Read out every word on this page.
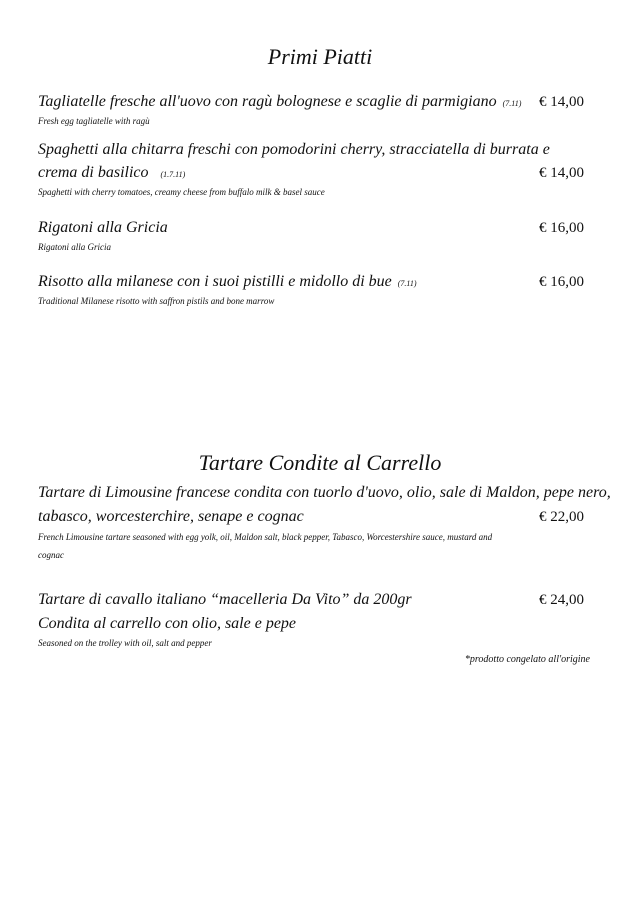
Primi Piatti
Tagliatelle fresche all'uovo con ragù bolognese e scaglie di parmigiano (7.11) € 14,00
Fresh egg tagliatelle with ragù
Spaghetti alla chitarra freschi con pomodorini cherry, stracciatella di burrata e
crema di basilico (1.7.11)	€ 14,00
Spaghetti with cherry tomatoes, creamy cheese from buffalo milk & basel sauce
Rigatoni alla Gricia	€ 16,00
Rigatoni alla Gricia
Risotto alla milanese con i suoi pistilli e midollo di bue (7.11)	€ 16,00
Traditional Milanese risotto with saffron pistils and bone marrow
Tartare Condite al Carrello
Tartare di Limousine francese condita con tuorlo d'uovo, olio, sale di Maldon, pepe nero,
tabasco, worcesterchire, senape e cognac	€ 22,00
French Limousine tartare seasoned with egg yolk, oil, Maldon salt, black pepper, Tabasco, Worcestershire sauce, mustard and
cognac
Tartare di cavallo italiano “macelleria Da Vito” da 200gr	€ 24,00
Condita al carrello con olio, sale e pepe
Seasoned on the trolley with oil, salt and pepper
*prodotto congelato all'origine
